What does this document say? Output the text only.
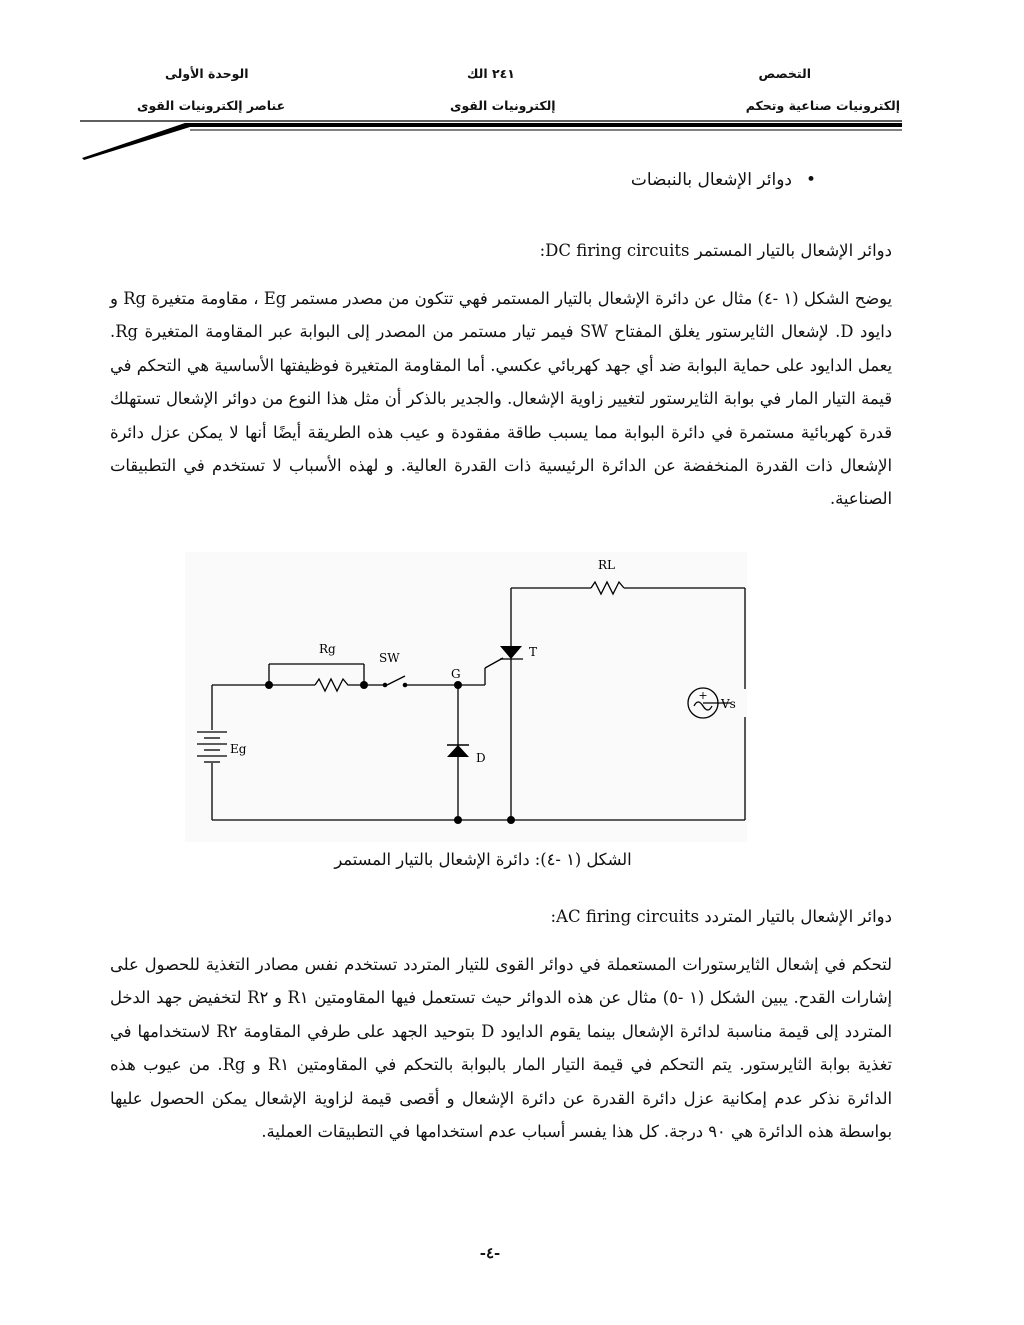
التخصص
إلكترونيات صناعية وتحكم
٢٤١ الك
إلكترونيات القوى
الوحدة الأولى
عناصر إلكترونيات القوى
•دوائر الإشعال بالنبضات
دوائر الإشعال بالتيار المستمر DC firing circuits:

يوضح الشكل (١ -٤) مثال عن دائرة الإشعال بالتيار المستمر فهي تتكون من مصدر مستمر Eg ، مقاومة متغيرة Rg و دايود D. لإشعال الثايرستور يغلق المفتاح SW فيمر تيار مستمر من المصدر إلى البوابة عبر المقاومة المتغيرة Rg. يعمل الدايود على حماية البوابة ضد أي جهد كهربائي عكسي. أما المقاومة المتغيرة فوظيفتها الأساسية هي التحكم في قيمة التيار المار في بوابة الثايرستور لتغيير زاوية الإشعال. والجدير بالذكر أن مثل هذا النوع من دوائر الإشعال تستهلك قدرة كهربائية مستمرة في دائرة البوابة مما يسبب طاقة مفقودة و عيب هذه الطريقة أيضًا أنها لا يمكن عزل دائرة الإشعال ذات القدرة المنخفضة عن الدائرة الرئيسية ذات القدرة العالية. و لهذه الأسباب لا تستخدم في التطبيقات الصناعية.

+
RL
Rg
SW
G
T
Vs
Eg
D
الشكل (١ -٤): دائرة الإشعال بالتيار المستمر
دوائر الإشعال بالتيار المتردد AC firing circuits:

لتحكم في إشعال الثايرستورات المستعملة في دوائر القوى للتيار المتردد تستخدم نفس مصادر التغذية للحصول على إشارات القدح. يبين الشكل (١ -٥) مثال عن هذه الدوائر حيث تستعمل فيها المقاومتين R١ و R٢ لتخفيض جهد الدخل المتردد إلى قيمة مناسبة لدائرة الإشعال بينما يقوم الدايود D بتوحيد الجهد على طرفي المقاومة R٢ لاستخدامها في تغذية بوابة الثايرستور. يتم التحكم في قيمة التيار المار بالبوابة بالتحكم في المقاومتين R١ و Rg. من عيوب هذه الدائرة نذكر عدم إمكانية عزل دائرة القدرة عن دائرة الإشعال و أقصى قيمة لزاوية الإشعال يمكن الحصول عليها بواسطة هذه الدائرة هي ٩٠ درجة. كل هذا يفسر أسباب عدم استخدامها في التطبيقات العملية.

-٤-
